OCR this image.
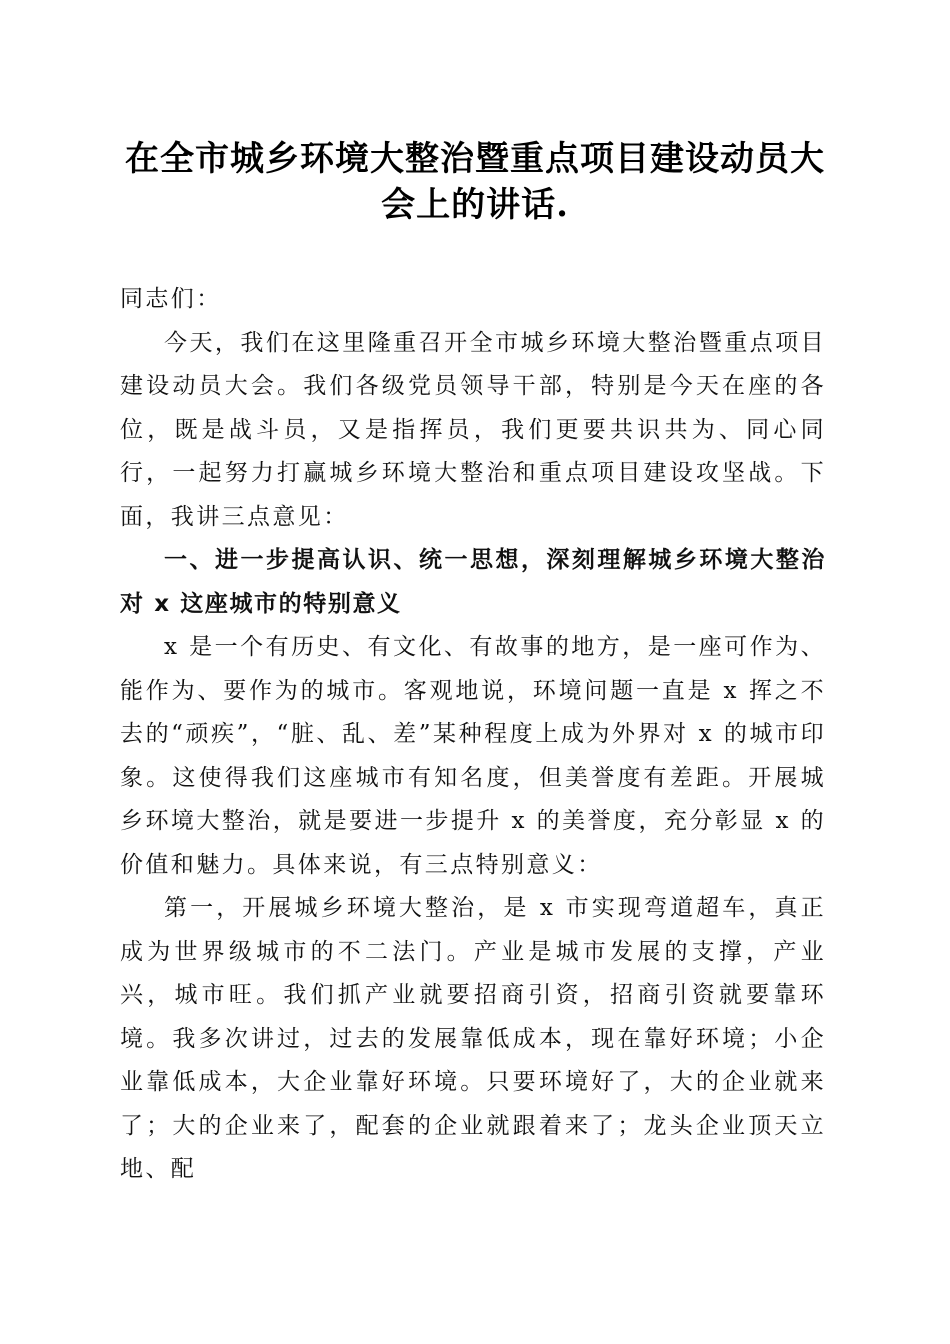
在全市城乡环境大整治暨重点项目建设动员大会上的讲话.

同志们：

今天，我们在这里隆重召开全市城乡环境大整治暨重点项目建设动员大会。我们各级党员领导干部，特别是今天在座的各位，既是战斗员，又是指挥员，我们更要共识共为、同心同行，一起努力打赢城乡环境大整治和重点项目建设攻坚战。下面，我讲三点意见：

一、进一步提高认识、统一思想，深刻理解城乡环境大整治对 x 这座城市的特别意义

x 是一个有历史、有文化、有故事的地方，是一座可作为、能作为、要作为的城市。客观地说，环境问题一直是 x 挥之不去的“顽疾”，“脏、乱、差”某种程度上成为外界对 x 的城市印象。这使得我们这座城市有知名度，但美誉度有差距。开展城乡环境大整治，就是要进一步提升 x 的美誉度，充分彰显 x 的价值和魅力。具体来说，有三点特别意义：

第一，开展城乡环境大整治，是 x 市实现弯道超车，真正成为世界级城市的不二法门。产业是城市发展的支撑，产业兴，城市旺。我们抓产业就要招商引资，招商引资就要靠环境。我多次讲过，过去的发展靠低成本，现在靠好环境；小企业靠低成本，大企业靠好环境。只要环境好了，大的企业就来了；大的企业来了，配套的企业就跟着来了；龙头企业顶天立地、配
